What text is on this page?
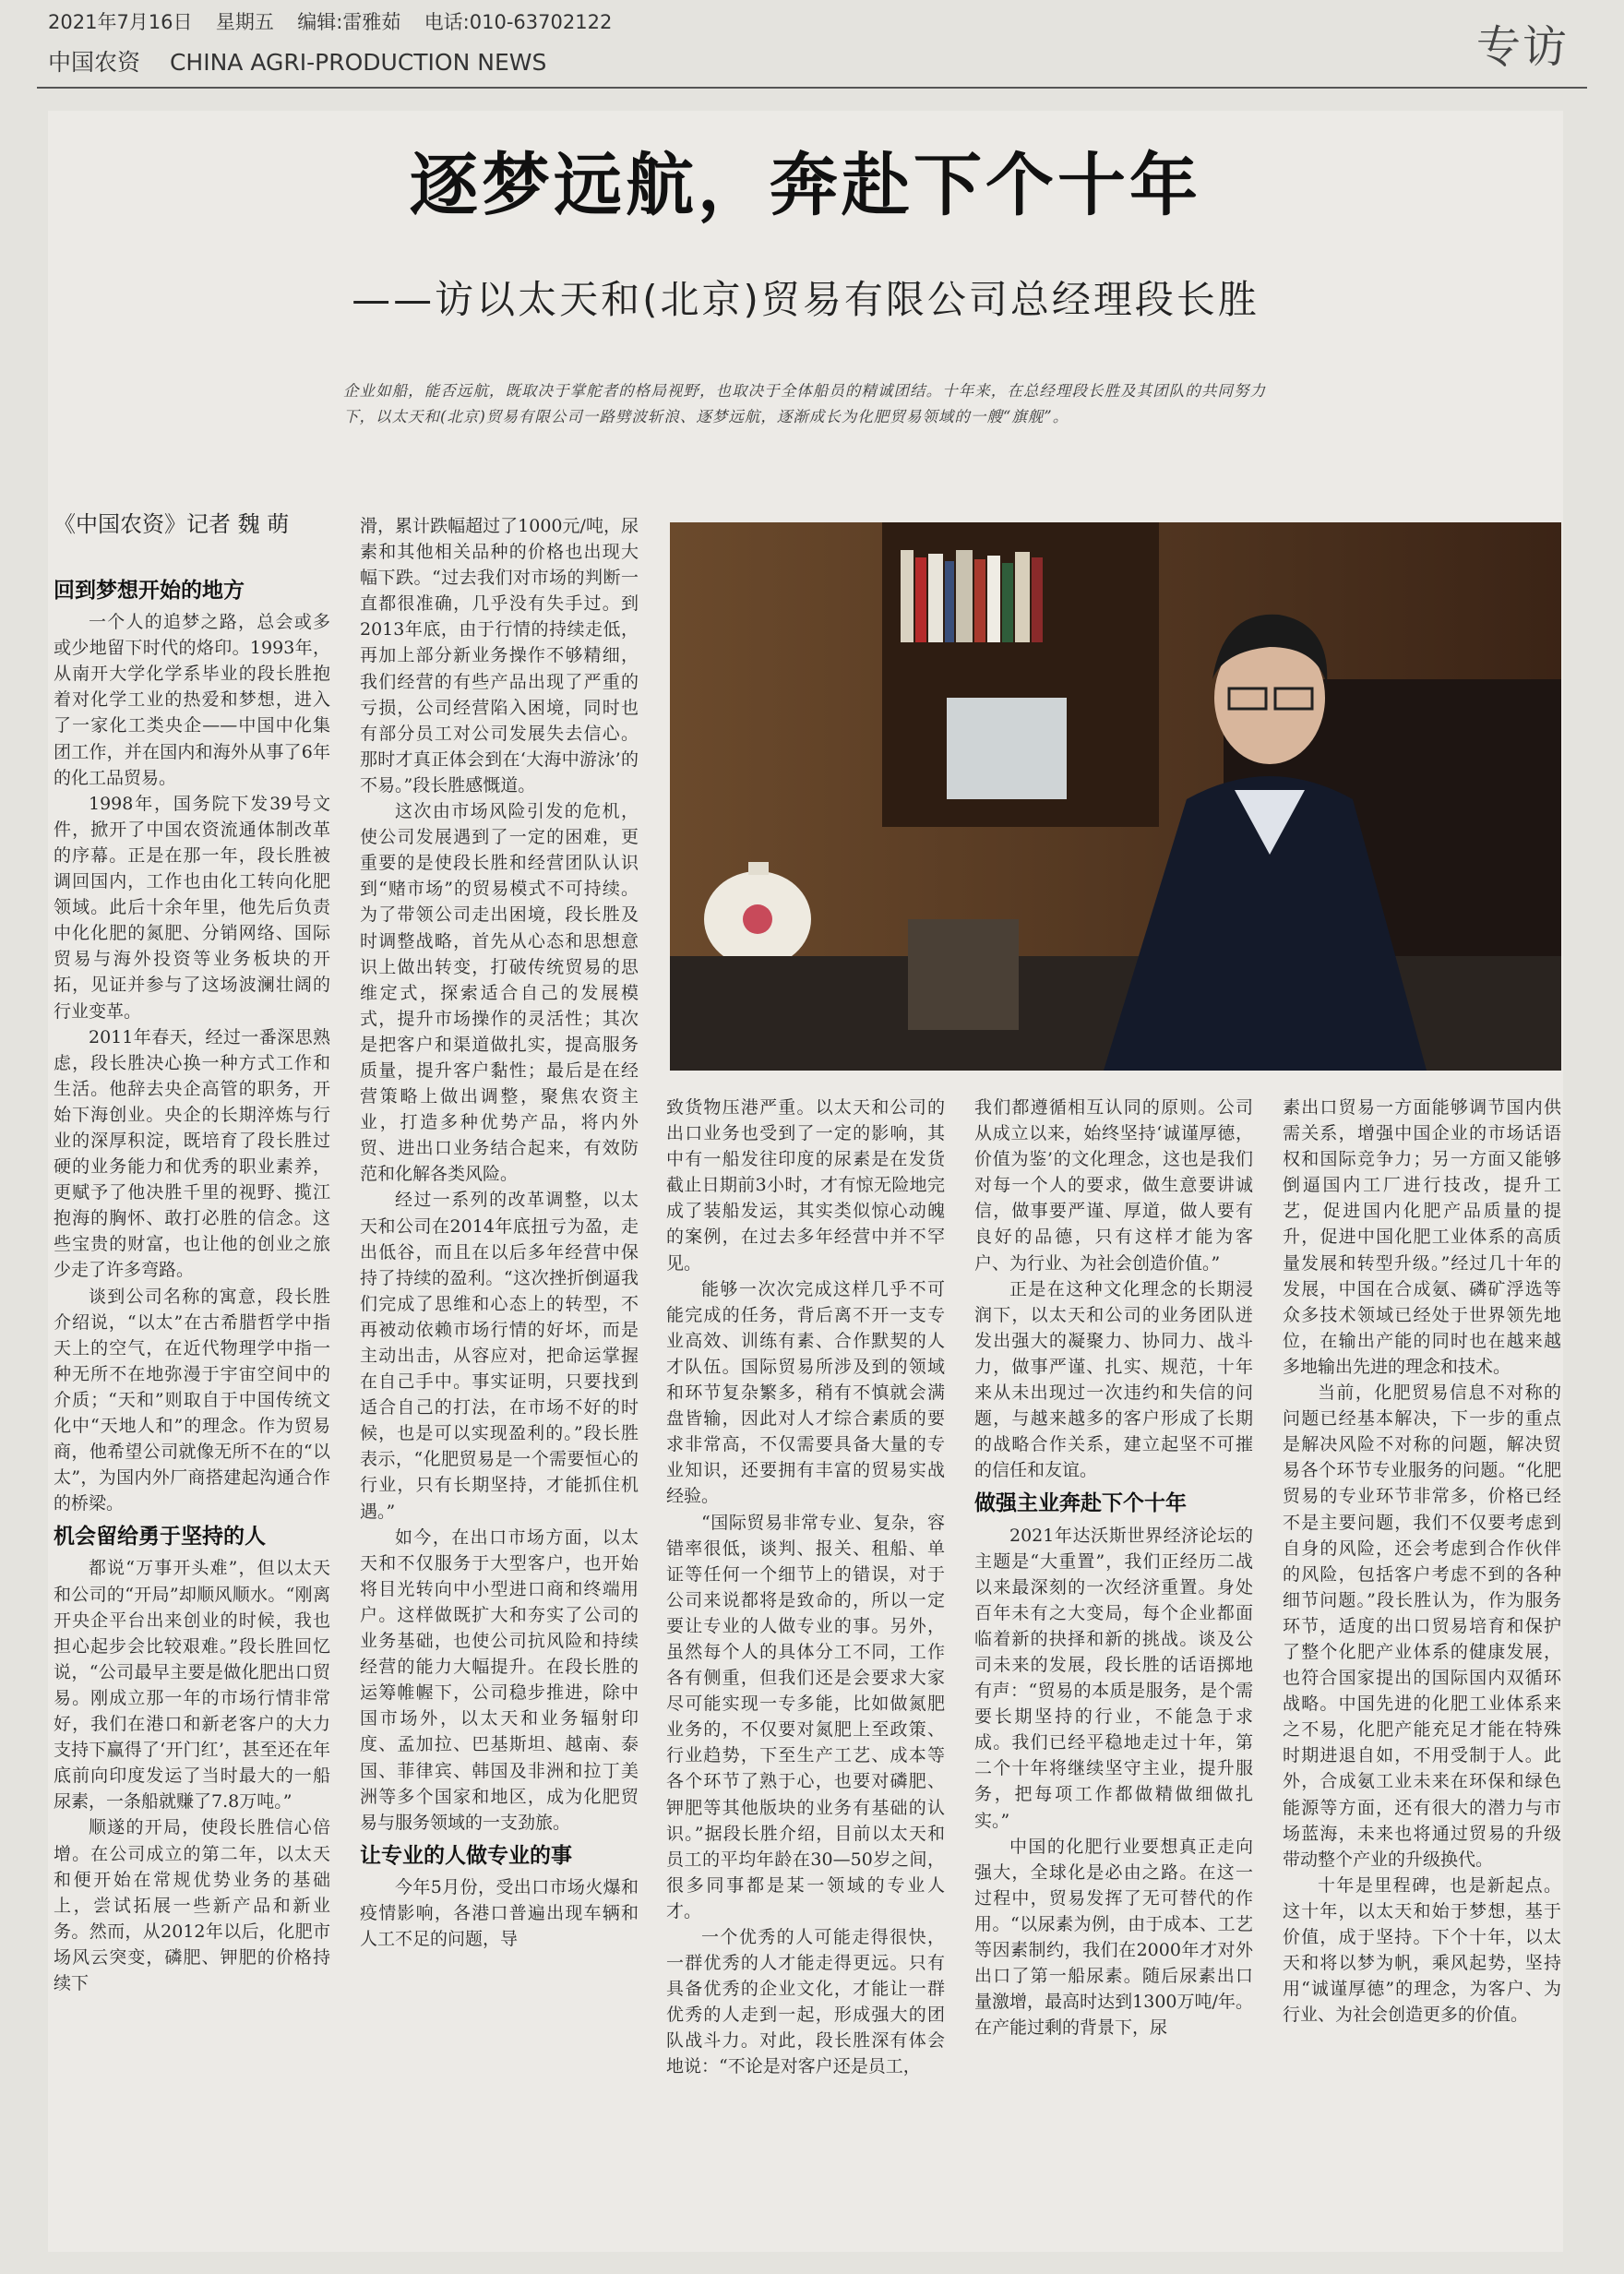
2021年7月16日 星期五 编辑:雷雅茹 电话:010-63702122
中国农资 CHINA AGRI-PRODUCTION NEWS	专访
逐梦远航，奔赴下个十年
——访以太天和(北京)贸易有限公司总经理段长胜
企业如船，能否远航，既取决于掌舵者的格局视野，也取决于全体船员的精诚团结。十年来，在总经理段长胜及其团队的共同努力下，以太天和(北京)贸易有限公司一路劈波斩浪、逐梦远航，逐渐成长为化肥贸易领域的一艘“旗舰”。
《中国农资》记者 魏 萌
回到梦想开始的地方

一个人的追梦之路，总会或多或少地留下时代的烙印。1993年，从南开大学化学系毕业的段长胜抱着对化学工业的热爱和梦想，进入了一家化工类央企——中国中化集团工作，并在国内和海外从事了6年的化工品贸易。

1998年，国务院下发39号文件，掀开了中国农资流通体制改革的序幕。正是在那一年，段长胜被调回国内，工作也由化工转向化肥领域。此后十余年里，他先后负责中化化肥的氮肥、分销网络、国际贸易与海外投资等业务板块的开拓，见证并参与了这场波澜壮阔的行业变革。

2011年春天，经过一番深思熟虑，段长胜决心换一种方式工作和生活。他辞去央企高管的职务，开始下海创业。央企的长期淬炼与行业的深厚积淀，既培育了段长胜过硬的业务能力和优秀的职业素养，更赋予了他决胜千里的视野、揽江抱海的胸怀、敢打必胜的信念。这些宝贵的财富，也让他的创业之旅少走了许多弯路。

谈到公司名称的寓意，段长胜介绍说，“以太”在古希腊哲学中指天上的空气，在近代物理学中指一种无所不在地弥漫于宇宙空间中的介质；“天和”则取自于中国传统文化中“天地人和”的理念。作为贸易商，他希望公司就像无所不在的“以太”，为国内外厂商搭建起沟通合作的桥梁。

机会留给勇于坚持的人

都说“万事开头难”，但以太天和公司的“开局”却顺风顺水。“刚离开央企平台出来创业的时候，我也担心起步会比较艰难。”段长胜回忆说，“公司最早主要是做化肥出口贸易。刚成立那一年的市场行情非常好，我们在港口和新老客户的大力支持下赢得了‘开门红’，甚至还在年底前向印度发运了当时最大的一船尿素，一条船就赚了7.8万吨。”

顺遂的开局，使段长胜信心倍增。在公司成立的第二年，以太天和便开始在常规优势业务的基础上，尝试拓展一些新产品和新业务。然而，从2012年以后，化肥市场风云突变，磷肥、钾肥的价格持续下

滑，累计跌幅超过了1000元/吨，尿素和其他相关品种的价格也出现大幅下跌。“过去我们对市场的判断一直都很准确，几乎没有失手过。到2013年底，由于行情的持续走低，再加上部分新业务操作不够精细，我们经营的有些产品出现了严重的亏损，公司经营陷入困境，同时也有部分员工对公司发展失去信心。那时才真正体会到在‘大海中游泳’的不易。”段长胜感慨道。

这次由市场风险引发的危机，使公司发展遇到了一定的困难，更重要的是使段长胜和经营团队认识到“赌市场”的贸易模式不可持续。为了带领公司走出困境，段长胜及时调整战略，首先从心态和思想意识上做出转变，打破传统贸易的思维定式，探索适合自己的发展模式，提升市场操作的灵活性；其次是把客户和渠道做扎实，提高服务质量，提升客户黏性；最后是在经营策略上做出调整，聚焦农资主业，打造多种优势产品，将内外贸、进出口业务结合起来，有效防范和化解各类风险。

经过一系列的改革调整，以太天和公司在2014年底扭亏为盈，走出低谷，而且在以后多年经营中保持了持续的盈利。“这次挫折倒逼我们完成了思维和心态上的转型，不再被动依赖市场行情的好坏，而是主动出击，从容应对，把命运掌握在自己手中。事实证明，只要找到适合自己的打法，在市场不好的时候，也是可以实现盈利的。”段长胜表示，“化肥贸易是一个需要恒心的行业，只有长期坚持，才能抓住机遇。”

如今，在出口市场方面，以太天和不仅服务于大型客户，也开始将目光转向中小型进口商和终端用户。这样做既扩大和夯实了公司的业务基础，也使公司抗风险和持续经营的能力大幅提升。在段长胜的运筹帷幄下，公司稳步推进，除中国市场外，以太天和业务辐射印度、孟加拉、巴基斯坦、越南、泰国、菲律宾、韩国及非洲和拉丁美洲等多个国家和地区，成为化肥贸易与服务领域的一支劲旅。

让专业的人做专业的事

今年5月份，受出口市场火爆和疫情影响，各港口普遍出现车辆和人工不足的问题，导

致货物压港严重。以太天和公司的出口业务也受到了一定的影响，其中有一船发往印度的尿素是在发货截止日期前3小时，才有惊无险地完成了装船发运，其实类似惊心动魄的案例，在过去多年经营中并不罕见。

能够一次次完成这样几乎不可能完成的任务，背后离不开一支专业高效、训练有素、合作默契的人才队伍。国际贸易所涉及到的领域和环节复杂繁多，稍有不慎就会满盘皆输，因此对人才综合素质的要求非常高，不仅需要具备大量的专业知识，还要拥有丰富的贸易实战经验。

“国际贸易非常专业、复杂，容错率很低，谈判、报关、租船、单证等任何一个细节上的错误，对于公司来说都将是致命的，所以一定要让专业的人做专业的事。另外，虽然每个人的具体分工不同，工作各有侧重，但我们还是会要求大家尽可能实现一专多能，比如做氮肥业务的，不仅要对氮肥上至政策、行业趋势，下至生产工艺、成本等各个环节了熟于心，也要对磷肥、钾肥等其他版块的业务有基础的认识。”据段长胜介绍，目前以太天和员工的平均年龄在30—50岁之间，很多同事都是某一领域的专业人才。

一个优秀的人可能走得很快，一群优秀的人才能走得更远。只有具备优秀的企业文化，才能让一群优秀的人走到一起，形成强大的团队战斗力。对此，段长胜深有体会地说：“不论是对客户还是员工，

我们都遵循相互认同的原则。公司从成立以来，始终坚持‘诚谨厚德，价值为鉴’的文化理念，这也是我们对每一个人的要求，做生意要讲诚信，做事要严谨、厚道，做人要有良好的品德，只有这样才能为客户、为行业、为社会创造价值。”

正是在这种文化理念的长期浸润下，以太天和公司的业务团队迸发出强大的凝聚力、协同力、战斗力，做事严谨、扎实、规范，十年来从未出现过一次违约和失信的问题，与越来越多的客户形成了长期的战略合作关系，建立起坚不可摧的信任和友谊。

做强主业奔赴下个十年

2021年达沃斯世界经济论坛的主题是“大重置”，我们正经历二战以来最深刻的一次经济重置。身处百年未有之大变局，每个企业都面临着新的抉择和新的挑战。谈及公司未来的发展，段长胜的话语掷地有声：“贸易的本质是服务，是个需要长期坚持的行业，不能急于求成。我们已经平稳地走过十年，第二个十年将继续坚守主业，提升服务，把每项工作都做精做细做扎实。”

中国的化肥行业要想真正走向强大，全球化是必由之路。在这一过程中，贸易发挥了无可替代的作用。“以尿素为例，由于成本、工艺等因素制约，我们在2000年才对外出口了第一船尿素。随后尿素出口量激增，最高时达到1300万吨/年。在产能过剩的背景下，尿

素出口贸易一方面能够调节国内供需关系，增强中国企业的市场话语权和国际竞争力；另一方面又能够倒逼国内工厂进行技改，提升工艺，促进国内化肥产品质量的提升，促进中国化肥工业体系的高质量发展和转型升级。”经过几十年的发展，中国在合成氨、磷矿浮选等众多技术领域已经处于世界领先地位，在输出产能的同时也在越来越多地输出先进的理念和技术。

当前，化肥贸易信息不对称的问题已经基本解决，下一步的重点是解决风险不对称的问题，解决贸易各个环节专业服务的问题。“化肥贸易的专业环节非常多，价格已经不是主要问题，我们不仅要考虑到自身的风险，还会考虑到合作伙伴的风险，包括客户考虑不到的各种细节问题。”段长胜认为，作为服务环节，适度的出口贸易培育和保护了整个化肥产业体系的健康发展，也符合国家提出的国际国内双循环战略。中国先进的化肥工业体系来之不易，化肥产能充足才能在特殊时期进退自如，不用受制于人。此外，合成氨工业未来在环保和绿色能源等方面，还有很大的潜力与市场蓝海，未来也将通过贸易的升级带动整个产业的升级换代。

十年是里程碑，也是新起点。这十年，以太天和始于梦想，基于价值，成于坚持。下个十年，以太天和将以梦为帆，乘风起势，坚持用“诚谨厚德”的理念，为客户、为行业、为社会创造更多的价值。
